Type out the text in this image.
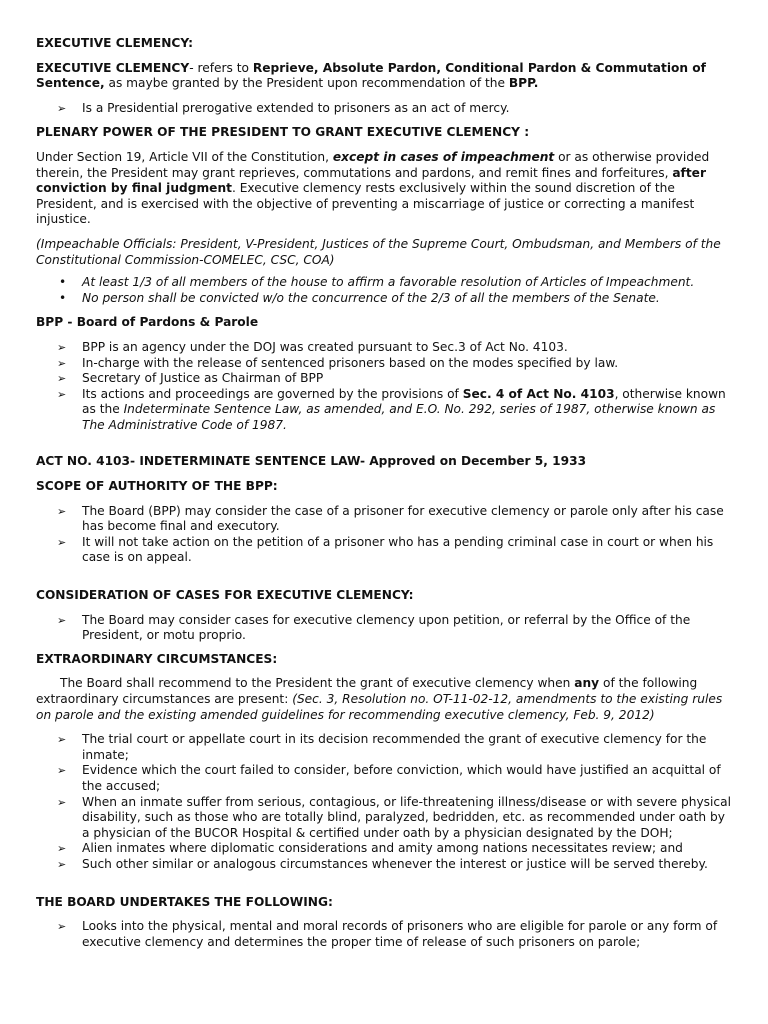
EXECUTIVE CLEMENCY:

EXECUTIVE CLEMENCY- refers to Reprieve, Absolute Pardon, Conditional Pardon & Commutation of Sentence, as maybe granted by the President upon recommendation of the BPP.

➢ Is a Presidential prerogative extended to prisoners as an act of mercy.

PLENARY POWER OF THE PRESIDENT TO GRANT EXECUTIVE CLEMENCY :

Under Section 19, Article VII of the Constitution, except in cases of impeachment or as otherwise provided therein, the President may grant reprieves, commutations and pardons, and remit fines and forfeitures, after conviction by final judgment. Executive clemency rests exclusively within the sound discretion of the President, and is exercised with the objective of preventing a miscarriage of justice or correcting a manifest injustice.

(Impeachable Officials: President, V-President, Justices of the Supreme Court, Ombudsman, and Members of the Constitutional Commission-COMELEC, CSC, COA)

• At least 1/3 of all members of the house to affirm a favorable resolution of Articles of Impeachment.
• No person shall be convicted w/o the concurrence of the 2/3 of all the members of the Senate.

BPP - Board of Pardons & Parole

➢ BPP is an agency under the DOJ was created pursuant to Sec.3 of Act No. 4103.
➢ In-charge with the release of sentenced prisoners based on the modes specified by law.
➢ Secretary of Justice as Chairman of BPP
➢ Its actions and proceedings are governed by the provisions of Sec. 4 of Act No. 4103, otherwise known as the Indeterminate Sentence Law, as amended, and E.O. No. 292, series of 1987, otherwise known as The Administrative Code of 1987.

ACT NO. 4103- INDETERMINATE SENTENCE LAW- Approved on December 5, 1933

SCOPE OF AUTHORITY OF THE BPP:

➢ The Board (BPP) may consider the case of a prisoner for executive clemency or parole only after his case has become final and executory.
➢ It will not take action on the petition of a prisoner who has a pending criminal case in court or when his case is on appeal.

CONSIDERATION OF CASES FOR EXECUTIVE CLEMENCY:

➢ The Board may consider cases for executive clemency upon petition, or referral by the Office of the President, or motu proprio.

EXTRAORDINARY CIRCUMSTANCES:

The Board shall recommend to the President the grant of executive clemency when any of the following extraordinary circumstances are present: (Sec. 3, Resolution no. OT-11-02-12, amendments to the existing rules on parole and the existing amended guidelines for recommending executive clemency, Feb. 9, 2012)

➢ The trial court or appellate court in its decision recommended the grant of executive clemency for the inmate;
➢ Evidence which the court failed to consider, before conviction, which would have justified an acquittal of the accused;
➢ When an inmate suffer from serious, contagious, or life-threatening illness/disease or with severe physical disability, such as those who are totally blind, paralyzed, bedridden, etc. as recommended under oath by a physician of the BUCOR Hospital & certified under oath by a physician designated by the DOH;
➢ Alien inmates where diplomatic considerations and amity among nations necessitates review; and
➢ Such other similar or analogous circumstances whenever the interest or justice will be served thereby.

THE BOARD UNDERTAKES THE FOLLOWING:

➢ Looks into the physical, mental and moral records of prisoners who are eligible for parole or any form of executive clemency and determines the proper time of release of such prisoners on parole;
